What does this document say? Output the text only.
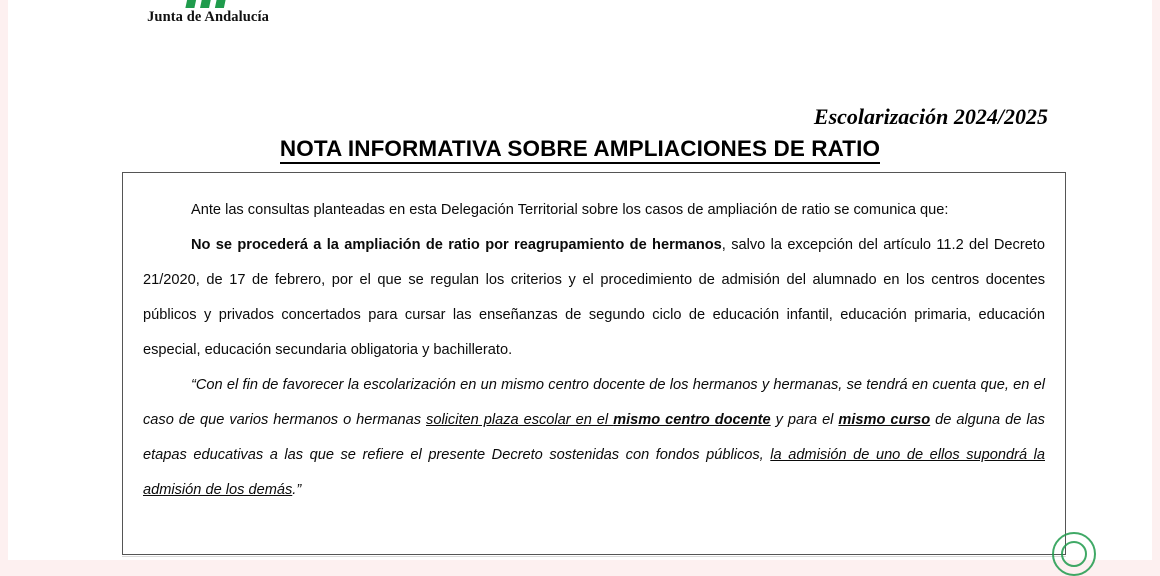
Junta de Andalucía
Escolarización 2024/2025
NOTA INFORMATIVA SOBRE AMPLIACIONES DE RATIO

Ante las consultas planteadas en esta Delegación Territorial sobre los casos de ampliación de ratio se comunica que:

No se procederá a la ampliación de ratio por reagrupamiento de hermanos, salvo la excepción del artículo 11.2 del Decreto 21/2020, de 17 de febrero, por el que se regulan los criterios y el procedimiento de admisión del alumnado en los centros docentes públicos y privados concertados para cursar las enseñanzas de segundo ciclo de educación infantil, educación primaria, educación especial, educación secundaria obligatoria y bachillerato.

“Con el fin de favorecer la escolarización en un mismo centro docente de los hermanos y hermanas, se tendrá en cuenta que, en el caso de que varios hermanos o hermanas soliciten plaza escolar en el mismo centro docente y para el mismo curso de alguna de las etapas educativas a las que se refiere el presente Decreto sostenidas con fondos públicos, la admisión de uno de ellos supondrá la admisión de los demás.”
